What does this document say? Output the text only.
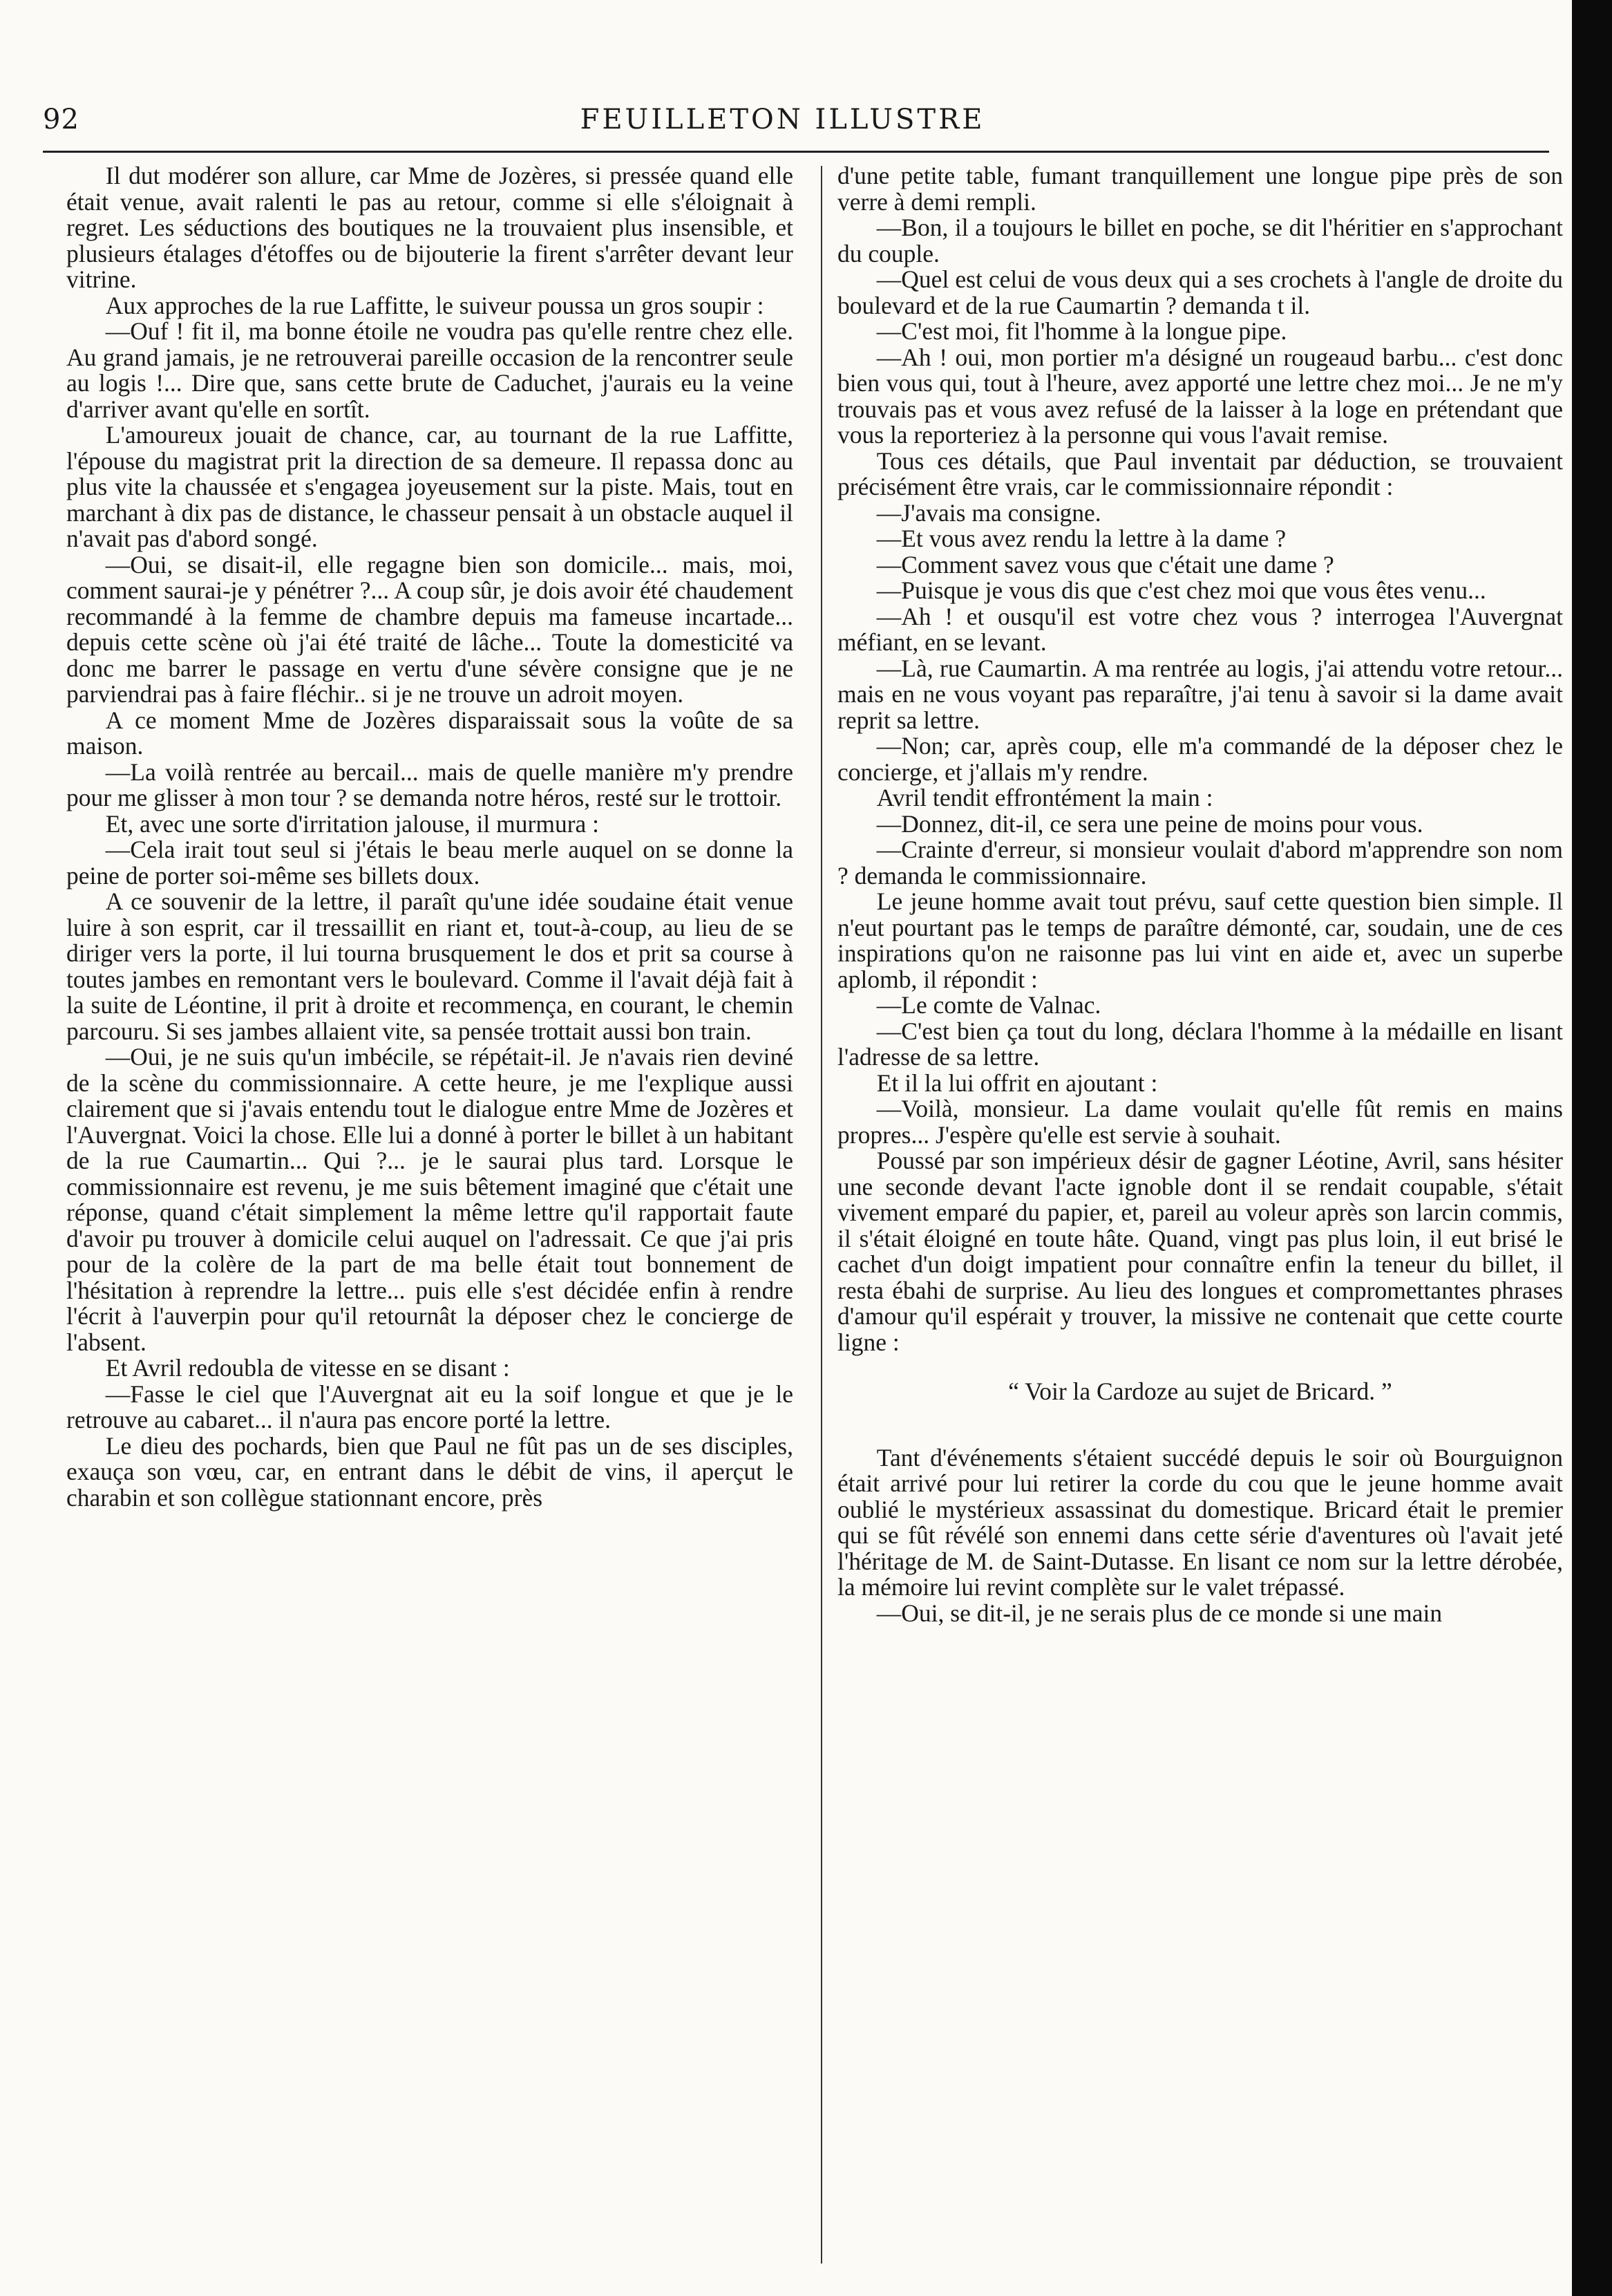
92	FEUILLETON ILLUSTRE

Il dut modérer son allure, car Mme de Jozères, si pressée quand elle était venue, avait ralenti le pas au retour, comme si elle s'éloignait à regret. Les séductions des boutiques ne la trouvaient plus insensible, et plusieurs étalages d'étoffes ou de bijouterie la firent s'arrêter devant leur vitrine.

Aux approches de la rue Laffitte, le suiveur poussa un gros soupir :

—Ouf ! fit il, ma bonne étoile ne voudra pas qu'elle rentre chez elle. Au grand jamais, je ne retrouverai pareille occasion de la rencontrer seule au logis !... Dire que, sans cette brute de Caduchet, j'aurais eu la veine d'arriver avant qu'elle en sortît.

L'amoureux jouait de chance, car, au tournant de la rue Laffitte, l'épouse du magistrat prit la direction de sa demeure. Il repassa donc au plus vite la chaussée et s'engagea joyeusement sur la piste. Mais, tout en marchant à dix pas de distance, le chasseur pensait à un obstacle auquel il n'avait pas d'abord songé.

—Oui, se disait-il, elle regagne bien son domicile... mais, moi, comment saurai-je y pénétrer ?... A coup sûr, je dois avoir été chaudement recommandé à la femme de chambre depuis ma fameuse incartade... depuis cette scène où j'ai été traité de lâche... Toute la domesticité va donc me barrer le passage en vertu d'une sévère consigne que je ne parviendrai pas à faire fléchir.. si je ne trouve un adroit moyen.

A ce moment Mme de Jozères disparaissait sous la voûte de sa maison.

—La voilà rentrée au bercail... mais de quelle manière m'y prendre pour me glisser à mon tour ? se demanda notre héros, resté sur le trottoir.

Et, avec une sorte d'irritation jalouse, il murmura :

—Cela irait tout seul si j'étais le beau merle auquel on se donne la peine de porter soi-même ses billets doux.

A ce souvenir de la lettre, il paraît qu'une idée soudaine était venue luire à son esprit, car il tressaillit en riant et, tout-à-coup, au lieu de se diriger vers la porte, il lui tourna brusquement le dos et prit sa course à toutes jambes en remontant vers le boulevard. Comme il l'avait déjà fait à la suite de Léontine, il prit à droite et recommença, en courant, le chemin parcouru. Si ses jambes allaient vite, sa pensée trottait aussi bon train.

—Oui, je ne suis qu'un imbécile, se répétait-il. Je n'avais rien deviné de la scène du commissionnaire. A cette heure, je me l'explique aussi clairement que si j'avais entendu tout le dialogue entre Mme de Jozères et l'Auvergnat. Voici la chose. Elle lui a donné à porter le billet à un habitant de la rue Caumartin... Qui ?... je le saurai plus tard. Lorsque le commissionnaire est revenu, je me suis bêtement imaginé que c'était une réponse, quand c'était simplement la même lettre qu'il rapportait faute d'avoir pu trouver à domicile celui auquel on l'adressait. Ce que j'ai pris pour de la colère de la part de ma belle était tout bonnement de l'hésitation à reprendre la lettre... puis elle s'est décidée enfin à rendre l'écrit à l'auverpin pour qu'il retournât la déposer chez le concierge de l'absent.

Et Avril redoubla de vitesse en se disant :

—Fasse le ciel que l'Auvergnat ait eu la soif longue et que je le retrouve au cabaret... il n'aura pas encore porté la lettre.

Le dieu des pochards, bien que Paul ne fût pas un de ses disciples, exauça son vœu, car, en entrant dans le débit de vins, il aperçut le charabin et son collègue stationnant encore, près

d'une petite table, fumant tranquillement une longue pipe près de son verre à demi rempli.

—Bon, il a toujours le billet en poche, se dit l'héritier en s'approchant du couple.

—Quel est celui de vous deux qui a ses crochets à l'angle de droite du boulevard et de la rue Caumartin ? demanda t il.

—C'est moi, fit l'homme à la longue pipe.

—Ah ! oui, mon portier m'a désigné un rougeaud barbu... c'est donc bien vous qui, tout à l'heure, avez apporté une lettre chez moi... Je ne m'y trouvais pas et vous avez refusé de la laisser à la loge en prétendant que vous la reporteriez à la personne qui vous l'avait remise.

Tous ces détails, que Paul inventait par déduction, se trouvaient précisément être vrais, car le commissionnaire répondit :

—J'avais ma consigne.

—Et vous avez rendu la lettre à la dame ?

—Comment savez vous que c'était une dame ?

—Puisque je vous dis que c'est chez moi que vous êtes venu...

—Ah ! et ousqu'il est votre chez vous ? interrogea l'Auvergnat méfiant, en se levant.

—Là, rue Caumartin. A ma rentrée au logis, j'ai attendu votre retour... mais en ne vous voyant pas reparaître, j'ai tenu à savoir si la dame avait reprit sa lettre.

—Non; car, après coup, elle m'a commandé de la déposer chez le concierge, et j'allais m'y rendre.

Avril tendit effrontément la main :

—Donnez, dit-il, ce sera une peine de moins pour vous.

—Crainte d'erreur, si monsieur voulait d'abord m'apprendre son nom ? demanda le commissionnaire.

Le jeune homme avait tout prévu, sauf cette question bien simple. Il n'eut pourtant pas le temps de paraître démonté, car, soudain, une de ces inspirations qu'on ne raisonne pas lui vint en aide et, avec un superbe aplomb, il répondit :

—Le comte de Valnac.

—C'est bien ça tout du long, déclara l'homme à la médaille en lisant l'adresse de sa lettre.

Et il la lui offrit en ajoutant :

—Voilà, monsieur. La dame voulait qu'elle fût remis en mains propres... J'espère qu'elle est servie à souhait.

Poussé par son impérieux désir de gagner Léotine, Avril, sans hésiter une seconde devant l'acte ignoble dont il se rendait coupable, s'était vivement emparé du papier, et, pareil au voleur après son larcin commis, il s'était éloigné en toute hâte. Quand, vingt pas plus loin, il eut brisé le cachet d'un doigt impatient pour connaître enfin la teneur du billet, il resta ébahi de surprise. Au lieu des longues et compromettantes phrases d'amour qu'il espérait y trouver, la missive ne contenait que cette courte ligne :

“ Voir la Cardoze au sujet de Bricard. ”

Tant d'événements s'étaient succédé depuis le soir où Bourguignon était arrivé pour lui retirer la corde du cou que le jeune homme avait oublié le mystérieux assassinat du domestique. Bricard était le premier qui se fût révélé son ennemi dans cette série d'aventures où l'avait jeté l'héritage de M. de Saint-Dutasse. En lisant ce nom sur la lettre dérobée, la mémoire lui revint complète sur le valet trépassé.

—Oui, se dit-il, je ne serais plus de ce monde si une main
